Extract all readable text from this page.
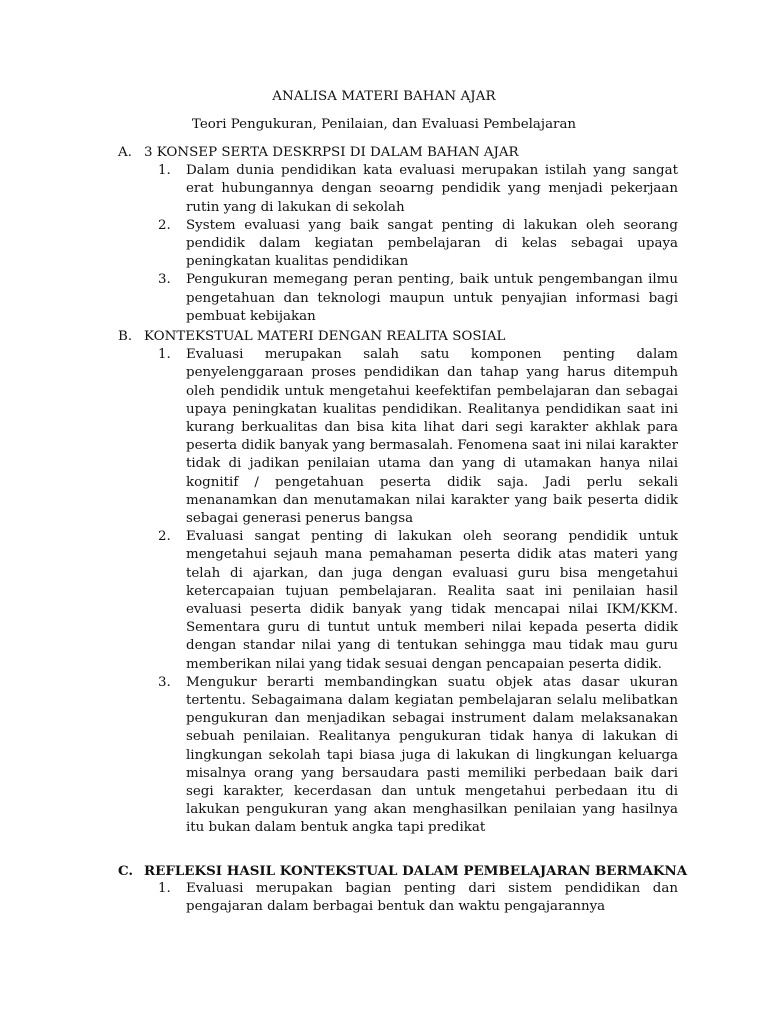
ANALISA MATERI BAHAN AJAR
Teori Pengukuran, Penilaian, dan Evaluasi Pembelajaran
A. 3 KONSEP SERTA DESKRPSI DI DALAM BAHAN AJAR
1.	Dalam dunia pendidikan kata evaluasi merupakan istilah yang sangat erat hubungannya dengan seoarng pendidik yang menjadi pekerjaan rutin yang di lakukan di sekolah
2.	System evaluasi yang baik sangat penting di lakukan oleh seorang pendidik dalam kegiatan pembelajaran di kelas sebagai upaya peningkatan kualitas pendidikan
3.	Pengukuran memegang peran penting, baik untuk pengembangan ilmu pengetahuan dan teknologi maupun untuk penyajian informasi bagi pembuat kebijakan
B. KONTEKSTUAL MATERI DENGAN REALITA SOSIAL
1.	Evaluasi merupakan salah satu komponen penting dalam penyelenggaraan proses pendidikan dan tahap yang harus ditempuh oleh pendidik untuk mengetahui keefektifan pembelajaran dan sebagai upaya peningkatan kualitas pendidikan. Realitanya pendidikan saat ini kurang berkualitas dan bisa kita lihat dari segi karakter akhlak para peserta didik banyak yang bermasalah. Fenomena saat ini nilai karakter tidak di jadikan penilaian utama dan yang di utamakan hanya nilai kognitif / pengetahuan peserta didik saja. Jadi perlu sekali menanamkan dan menutamakan nilai karakter yang baik peserta didik sebagai generasi penerus bangsa
2.	Evaluasi sangat penting di lakukan oleh seorang pendidik untuk mengetahui sejauh mana pemahaman peserta didik atas materi yang telah di ajarkan, dan juga dengan evaluasi guru bisa mengetahui ketercapaian tujuan pembelajaran. Realita saat ini penilaian hasil evaluasi peserta didik banyak yang tidak mencapai nilai IKM/KKM. Sementara guru di tuntut untuk memberi nilai kepada peserta didik dengan standar nilai yang di tentukan sehingga mau tidak mau guru memberikan nilai yang tidak sesuai dengan pencapaian peserta didik.
3.	Mengukur berarti membandingkan suatu objek atas dasar ukuran tertentu. Sebagaimana dalam kegiatan pembelajaran selalu melibatkan pengukuran dan menjadikan sebagai instrument dalam melaksanakan sebuah penilaian. Realitanya pengukuran tidak hanya di lakukan di lingkungan sekolah tapi biasa juga di lakukan di lingkungan keluarga misalnya orang yang bersaudara pasti memiliki perbedaan baik dari segi karakter, kecerdasan dan untuk mengetahui perbedaan itu di lakukan pengukuran yang akan menghasilkan penilaian yang hasilnya itu bukan dalam bentuk angka tapi predikat
C. REFLEKSI HASIL KONTEKSTUAL DALAM PEMBELAJARAN BERMAKNA
1.	Evaluasi merupakan bagian penting dari sistem pendidikan dan pengajaran dalam berbagai bentuk dan waktu pengajarannya
